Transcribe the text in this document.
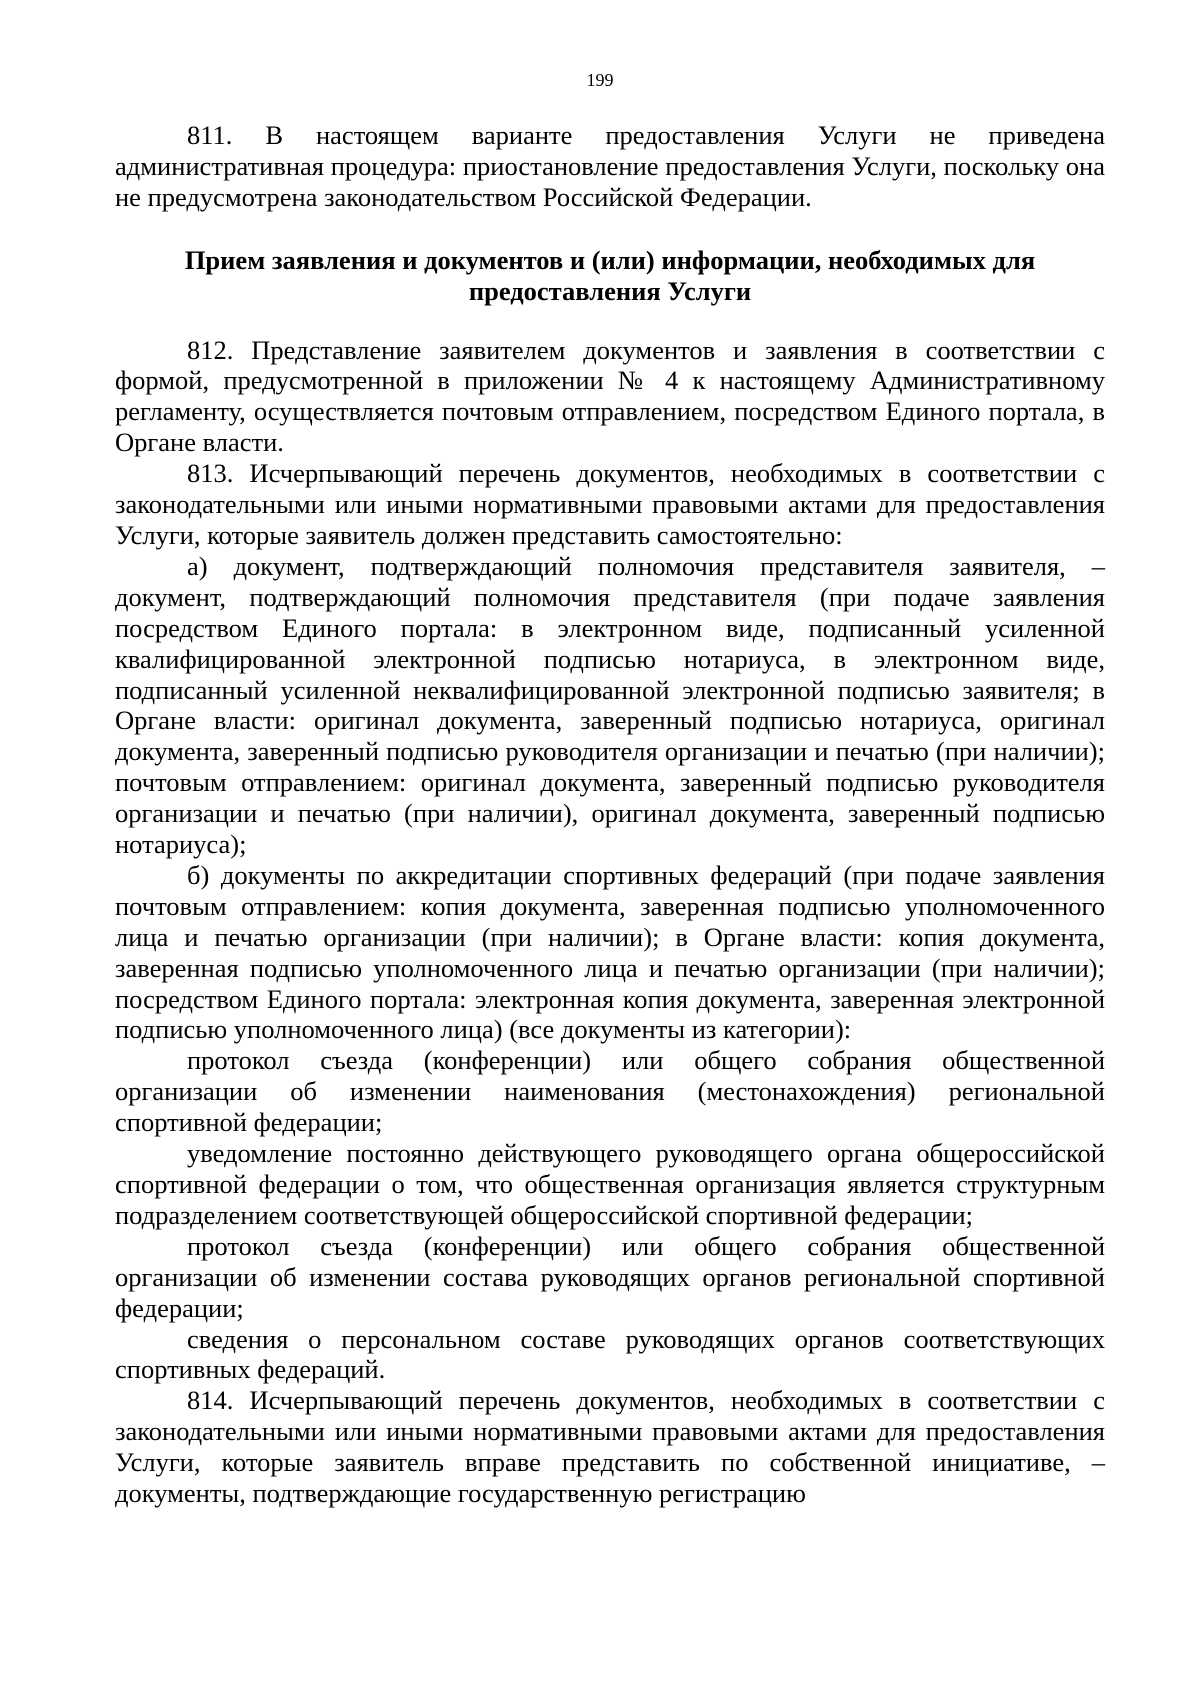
199

811. В настоящем варианте предоставления Услуги не приведена административная процедура: приостановление предоставления Услуги, поскольку она не предусмотрена законодательством Российской Федерации.

Прием заявления и документов и (или) информации, необходимых для
предоставления Услуги

812. Представление заявителем документов и заявления в соответствии с формой, предусмотренной в приложении № 4 к настоящему Административному регламенту, осуществляется почтовым отправлением, посредством Единого портала, в Органе власти.

813. Исчерпывающий перечень документов, необходимых в соответствии с законодательными или иными нормативными правовыми актами для предоставления Услуги, которые заявитель должен представить самостоятельно:

а) документ, подтверждающий полномочия представителя заявителя, – документ, подтверждающий полномочия представителя (при подаче заявления посредством Единого портала: в электронном виде, подписанный усиленной квалифицированной электронной подписью нотариуса, в электронном виде, подписанный усиленной неквалифицированной электронной подписью заявителя; в Органе власти: оригинал документа, заверенный подписью нотариуса, оригинал документа, заверенный подписью руководителя организации и печатью (при наличии); почтовым отправлением: оригинал документа, заверенный подписью руководителя организации и печатью (при наличии), оригинал документа, заверенный подписью нотариуса);

б) документы по аккредитации спортивных федераций (при подаче заявления почтовым отправлением: копия документа, заверенная подписью уполномоченного лица и печатью организации (при наличии); в Органе власти: копия документа, заверенная подписью уполномоченного лица и печатью организации (при наличии); посредством Единого портала: электронная копия документа, заверенная электронной подписью уполномоченного лица) (все документы из категории):

протокол съезда (конференции) или общего собрания общественной организации об изменении наименования (местонахождения) региональной спортивной федерации;

уведомление постоянно действующего руководящего органа общероссийской спортивной федерации о том, что общественная организация является структурным подразделением соответствующей общероссийской спортивной федерации;

протокол съезда (конференции) или общего собрания общественной организации об изменении состава руководящих органов региональной спортивной федерации;

сведения о персональном составе руководящих органов соответствующих спортивных федераций.

814. Исчерпывающий перечень документов, необходимых в соответствии с законодательными или иными нормативными правовыми актами для предоставления Услуги, которые заявитель вправе представить по собственной инициативе, – документы, подтверждающие государственную регистрацию
